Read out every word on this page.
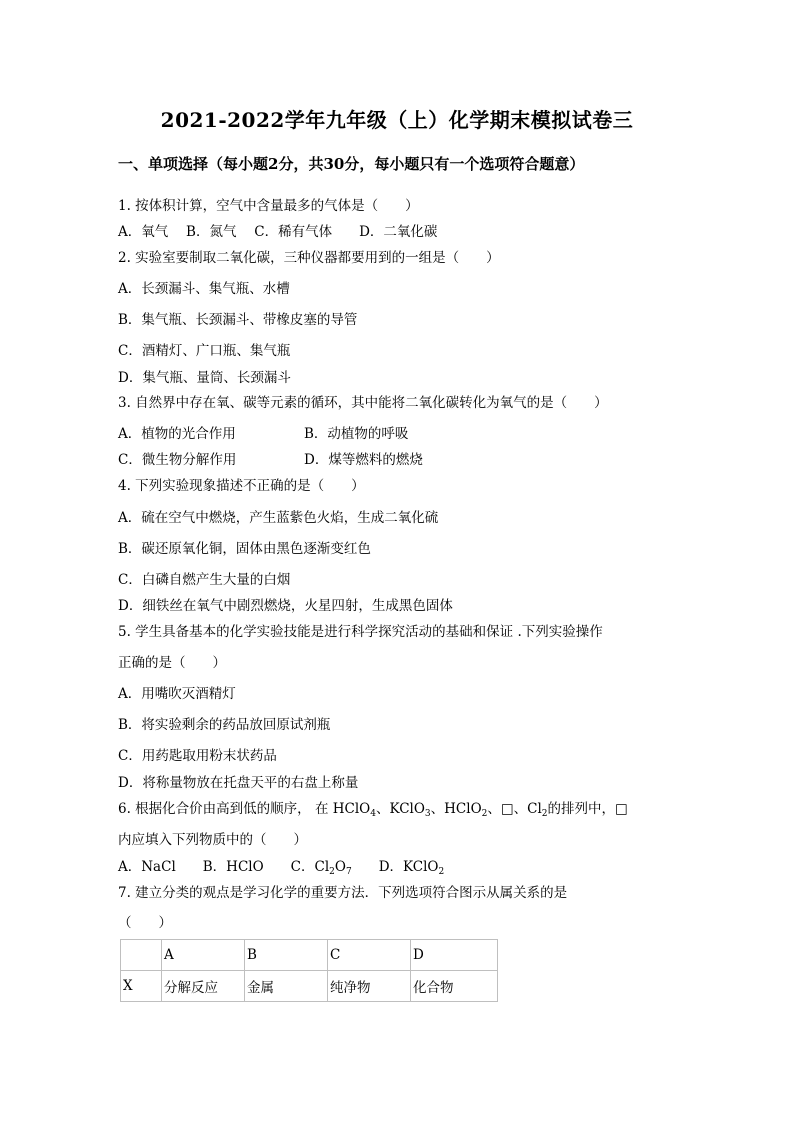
2021-2022学年九年级（上）化学期末模拟试卷三
一、单项选择（每小题2分，共30分，每小题只有一个选项符合题意）
1. 按体积计算，空气中含量最多的气体是（　　）
A．氧气　 B．氮气　 C．稀有气体　　D．二氧化碳
2. 实验室要制取二氧化碳，三种仪器都要用到的一组是（　　）
A．长颈漏斗、集气瓶、水槽
B．集气瓶、长颈漏斗、带橡皮塞的导管
C．酒精灯、广口瓶、集气瓶
D．集气瓶、量筒、长颈漏斗
3. 自然界中存在氧、碳等元素的循环，其中能将二氧化碳转化为氧气的是（　　）
A．植物的光合作用	B．动植物的呼吸
C．微生物分解作用	D．煤等燃料的燃烧
4. 下列实验现象描述不正确的是（　　）
A．硫在空气中燃烧，产生蓝紫色火焰，生成二氧化硫
B．碳还原氧化铜，固体由黑色逐渐变红色
C．白磷自燃产生大量的白烟
D．细铁丝在氧气中剧烈燃烧，火星四射，生成黑色固体
5. 学生具备基本的化学实验技能是进行科学探究活动的基础和保证 .下列实验操作
正确的是（　　）
A．用嘴吹灭酒精灯
B．将实验剩余的药品放回原试剂瓶
C．用药匙取用粉末状药品
D．将称量物放在托盘天平的右盘上称量
6. 根据化合价由高到低的顺序， 在 HClO$_4$、KClO$_3$、HClO$_2$、□、$Cl_2$的排列中，□
内应填入下列物质中的（　　）
A．NaCl　　B．HClO　　C．$Cl_2O_7$　　D．KClO$_2$
7. 建立分类的观点是学习化学的重要方法．下列选项符合图示从属关系的是
（　　）
	A	B	C	D
X	分解反应	金属	纯净物	化合物
